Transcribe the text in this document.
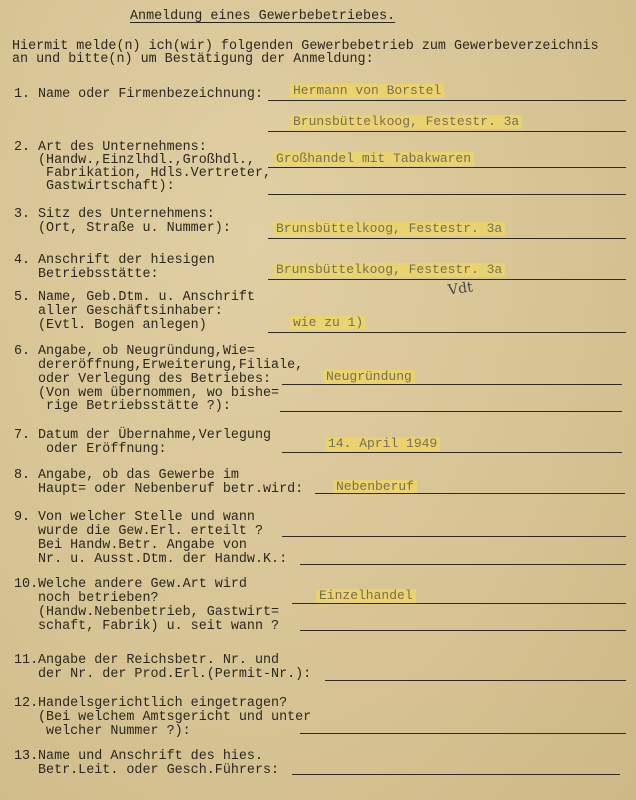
Anmeldung eines Gewerbebetriebes.
Hiermit melde(n) ich(wir) folgenden Gewerbebetrieb zum Gewerbeverzeichnis
an und bitte(n) um Bestätigung der Anmeldung:
1. Name oder Firmenbezeichnung: Hermann von Borstel
Brunsbüttelkoog, Festestr. 3a
2. Art des Unternehmens:
(Handw.,Einzlhdl.,Großhdl.,
Fabrikation, Hdls.Vertreter,
Gastwirtschaft):
Großhandel mit Tabakwaren
3. Sitz des Unternehmens:
(Ort, Straße u. Nummer):	Brunsbüttelkoog, Festestr. 3a
4. Anschrift der hiesigen
Betriebsstätte:	Brunsbüttelkoog, Festestr. 3a
Vdt
5. Name, Geb.Dtm. u. Anschrift
aller Geschäftsinhaber:
(Evtl. Bogen anlegen)	wie zu 1)
6. Angabe, ob Neugründung,Wie=
dereröffnung,Erweiterung,Filiale,
oder Verlegung des Betriebes:
(Von wem übernommen, wo bishe=
rige Betriebsstätte ?):
Neugründung
7. Datum der Übernahme,Verlegung
oder Eröffnung:	14. April 1949
8. Angabe, ob das Gewerbe im
Haupt= oder Nebenberuf betr.wird:	Nebenberuf
9. Von welcher Stelle und wann
wurde die Gew.Erl. erteilt ?
Bei Handw.Betr. Angabe von
Nr. u. Ausst.Dtm. der Handw.K.:
10. Welche andere Gew.Art wird
noch betrieben?
(Handw.Nebenbetrieb, Gastwirt=
schaft, Fabrik) u. seit wann ?
Einzelhandel
11. Angabe der Reichsbetr. Nr. und
der Nr. der Prod.Erl.(Permit-Nr.):
12. Handelsgerichtlich eingetragen?
(Bei welchem Amtsgericht und unter
welcher Nummer ?):
13. Name und Anschrift des hies.
Betr.Leit. oder Gesch.Führers:
